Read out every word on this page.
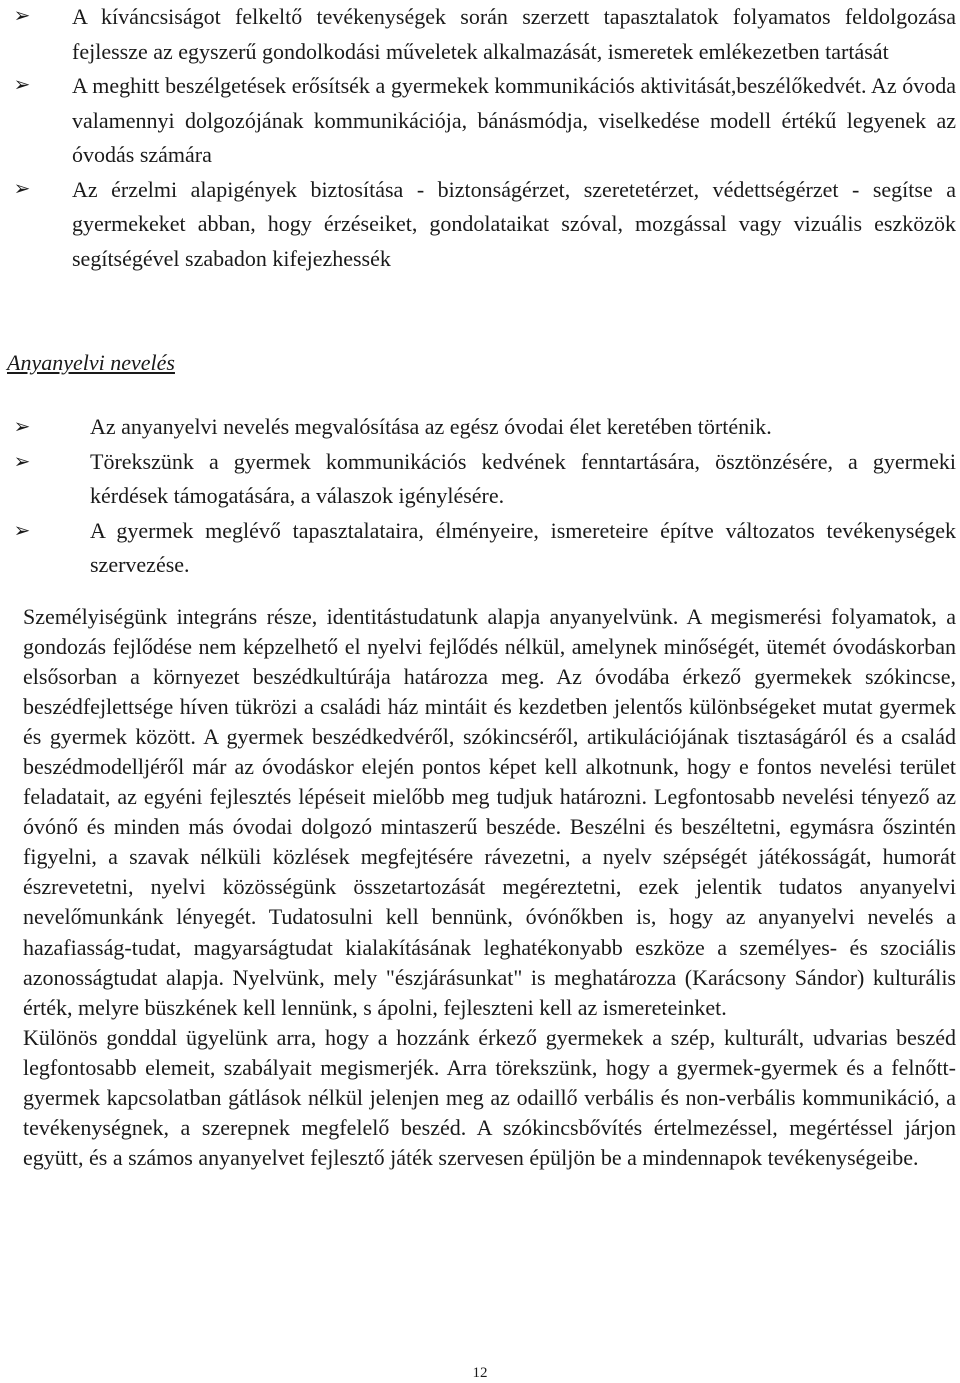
➢ A kíváncsiságot felkeltő tevékenységek során szerzett tapasztalatok folyamatos feldolgozása fejlessze az egyszerű gondolkodási műveletek alkalmazását, ismeretek emlékezetben tartását
➢ A meghitt beszélgetések erősítsék a gyermekek kommunikációs aktivitását,beszélőkedvét. Az óvoda valamennyi dolgozójának kommunikációja, bánásmódja, viselkedése modell értékű legyenek az óvodás számára
➢ Az érzelmi alapigények biztosítása - biztonságérzet, szeretetérzet, védettségérzet - segítse a gyermekeket abban, hogy érzéseiket, gondolataikat szóval, mozgással vagy vizuális eszközök segítségével szabadon kifejezhessék
Anyanyelvi nevelés
➢	Az anyanyelvi nevelés megvalósítása az egész óvodai élet keretében történik.
➢	Törekszünk a gyermek kommunikációs kedvének fenntartására, ösztönzésére, a gyermeki kérdések támogatására, a válaszok igénylésére.
➢	A gyermek meglévő tapasztalataira, élményeire, ismereteire építve változatos tevékenységek szervezése.

Személyiségünk integráns része, identitástudatunk alapja anyanyelvünk. A megismerési folyamatok, a gondozás fejlődése nem képzelhető el nyelvi fejlődés nélkül, amelynek minőségét, ütemét óvodáskorban elsősorban a környezet beszédkultúrája határozza meg. Az óvodába érkező gyermekek szókincse, beszédfejlettsége híven tükrözi a családi ház mintáit és kezdetben jelentős különbségeket mutat gyermek és gyermek között. A gyermek beszédkedvéről, szókincséről, artikulációjának tisztaságáról és a család beszédmodelljéről már az óvodáskor elején pontos képet kell alkotnunk, hogy e fontos nevelési terület feladatait, az egyéni fejlesztés lépéseit mielőbb meg tudjuk határozni. Legfontosabb nevelési tényező az óvónő és minden más óvodai dolgozó mintaszerű beszéde. Beszélni és beszéltetni, egymásra őszintén figyelni, a szavak nélküli közlések megfejtésére rávezetni, a nyelv szépségét játékosságát, humorát észrevetetni, nyelvi közösségünk összetartozását megéreztetni, ezek jelentik tudatos anyanyelvi nevelőmunkánk lényegét. Tudatosulni kell bennünk, óvónőkben is, hogy az anyanyelvi nevelés a hazafiasság-tudat, magyarságtudat kialakításának leghatékonyabb eszköze a személyes- és szociális azonosságtudat alapja. Nyelvünk, mely "észjárásunkat" is meghatározza (Karácsony Sándor) kulturális érték, melyre büszkének kell lennünk, s ápolni, fejleszteni kell az ismereteinket.

Különös gonddal ügyelünk arra, hogy a hozzánk érkező gyermekek a szép, kulturált, udvarias beszéd legfontosabb elemeit, szabályait megismerjék. Arra törekszünk, hogy a gyermek-gyermek és a felnőtt-gyermek kapcsolatban gátlások nélkül jelenjen meg az odaillő verbális és non-verbális kommunikáció, a tevékenységnek, a szerepnek megfelelő beszéd. A szókincsbővítés értelmezéssel, megértéssel járjon együtt, és a számos anyanyelvet fejlesztő játék szervesen épüljön be a mindennapok tevékenységeibe.

12
